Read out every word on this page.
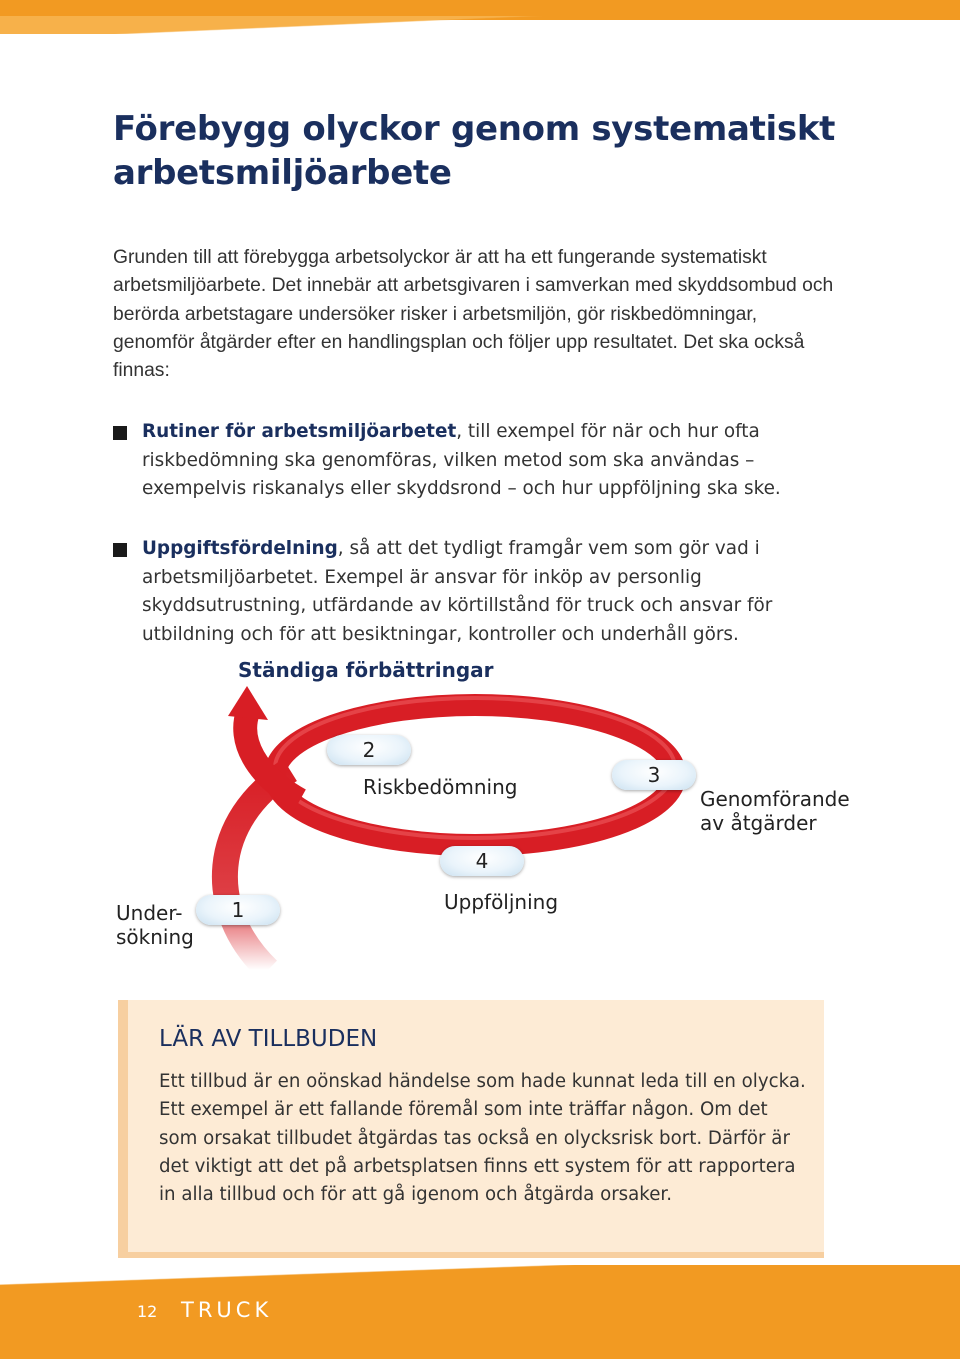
Förebygg olyckor genom systematiskt arbetsmiljöarbete

Grunden till att förebygga arbetsolyckor är att ha ett fungerande systematiskt arbetsmiljöarbete. Det innebär att arbetsgivaren i samverkan med skyddsombud och berörda arbetstagare undersöker risker i arbetsmiljön, gör riskbedömningar, genomför åtgärder efter en handlingsplan och följer upp resultatet. Det ska också finnas:

Rutiner för arbetsmiljöarbetet, till exempel för när och hur ofta riskbedömning ska genomföras, vilken metod som ska användas – exempelvis riskanalys eller skyddsrond – och hur uppföljning ska ske.
Uppgiftsfördelning, så att det tydligt framgår vem som gör vad i arbetsmiljöarbetet. Exempel är ansvar för inköp av personlig skyddsutrustning, utfärdande av körtillstånd för truck och ansvar för utbildning och för att besiktningar, kontroller och underhåll görs.
Ständiga förbättringar
2
Riskbedömning	3
Genomförande
av åtgärder
4
Uppföljning
1
Under-
sökning
LÄR AV TILLBUDEN

Ett tillbud är en oönskad händelse som hade kunnat leda till en olycka. Ett exempel är ett fallande föremål som inte träffar någon. Om det som orsakat tillbudet åtgärdas tas också en olycksrisk bort. Därför är det viktigt att det på arbetsplatsen finns ett system för att rapportera in alla tillbud och för att gå igenom och åtgärda orsaker.

12 TRUCK
